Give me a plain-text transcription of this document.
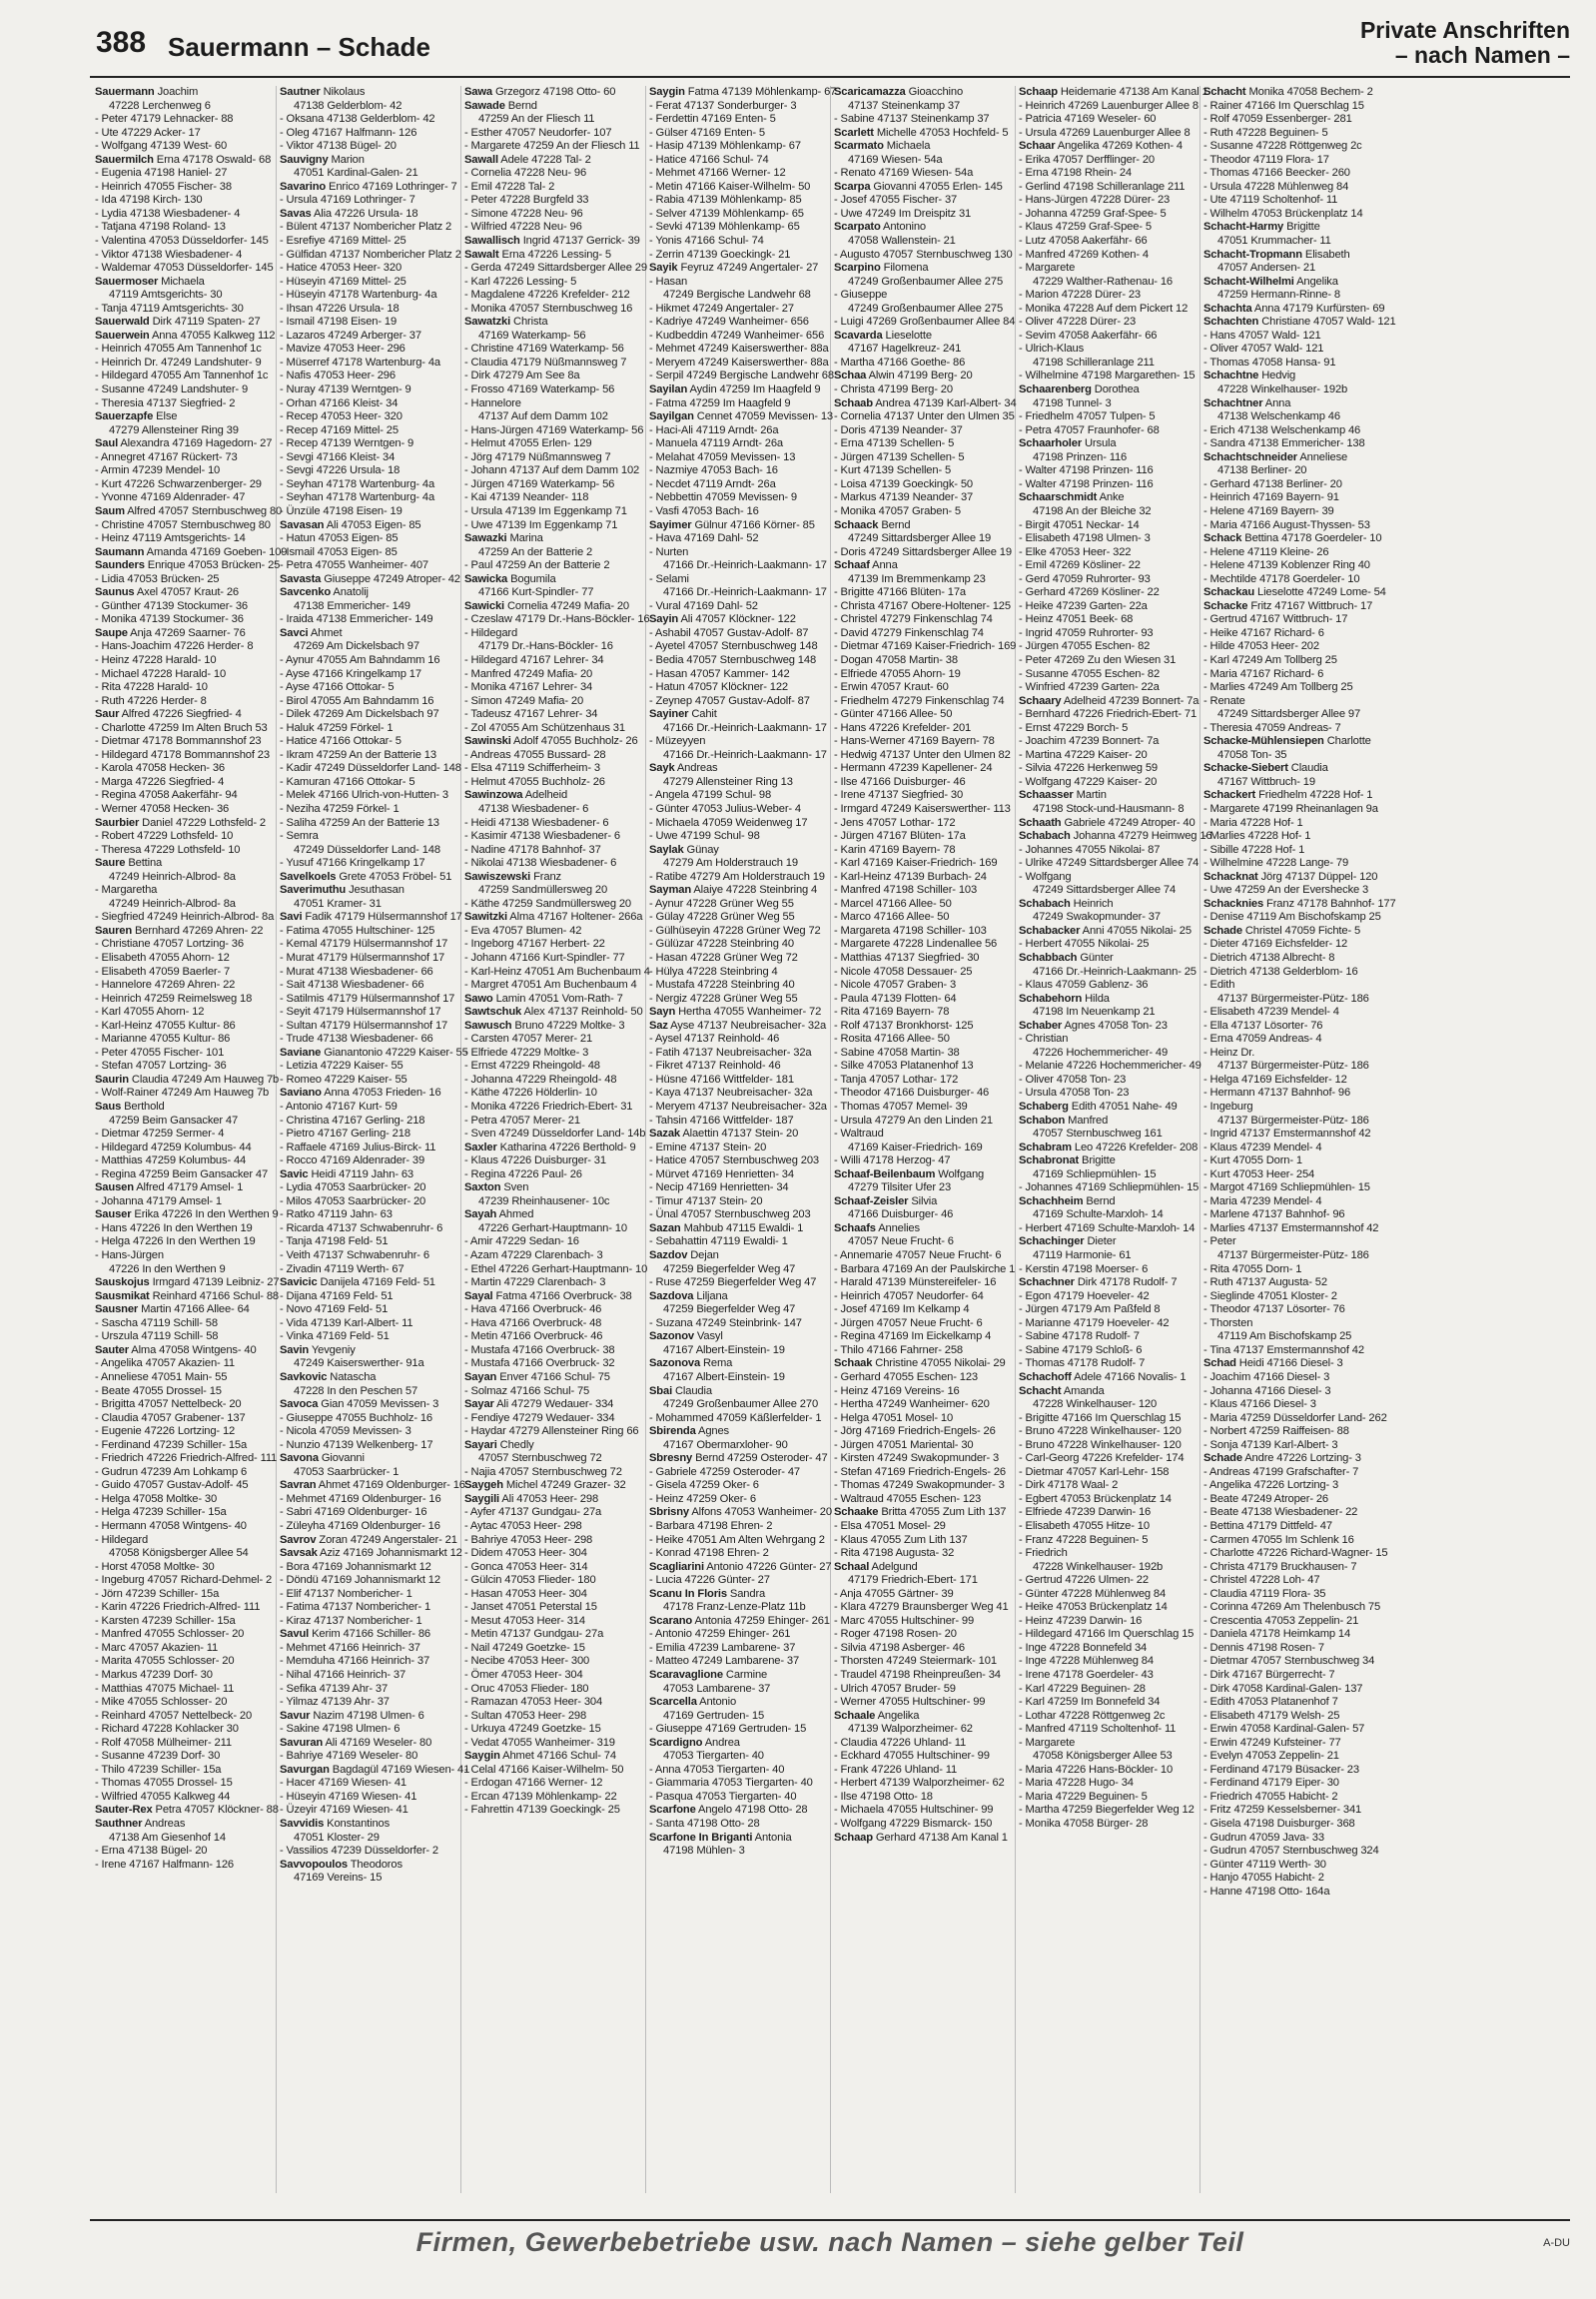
388 Sauermann – Schade
Private Anschriften
– nach Namen –
Sauermann Joachim
47228 Lerchenweg 6
- Peter 47179 Lehnacker- 88
- Ute 47229 Acker- 17
- Wolfgang 47139 West- 60
Sauermilch Erna 47178 Oswald- 68
- Eugenia 47198 Haniel- 27
- Heinrich 47055 Fischer- 38
- Ida 47198 Kirch- 130
- Lydia 47138 Wiesbadener- 4
- Tatjana 47198 Roland- 13
- Valentina 47053 Düsseldorfer- 145
- Viktor 47138 Wiesbadener- 4
- Waldemar 47053 Düsseldorfer- 145
Sauermoser Michaela
47119 Amtsgerichts- 30
- Tanja 47119 Amtsgerichts- 30
Sauerwald Dirk 47119 Spaten- 27
Sauerwein Anna 47055 Kalkweg 112
- Heinrich 47055 Am Tannenhof 1c
- Heinrich Dr. 47249 Landshuter- 9
- Hildegard 47055 Am Tannenhof 1c
- Susanne 47249 Landshuter- 9
- Theresia 47137 Siegfried- 2
Sauerzapfe Else
47279 Allensteiner Ring 39
Saul Alexandra 47169 Hagedorn- 27
- Annegret 47167 Rückert- 73
- Armin 47239 Mendel- 10
- Kurt 47226 Schwarzenberger- 29
- Yvonne 47169 Aldenrader- 47
Saum Alfred 47057 Sternbuschweg 80
- Christine 47057 Sternbuschweg 80
- Heinz 47119 Amtsgerichts- 14
Saumann Amanda 47169 Goeben- 109
Saunders Enrique 47053 Brücken- 25
- Lidia 47053 Brücken- 25
Saunus Axel 47057 Kraut- 26
- Günther 47139 Stockumer- 36
- Monika 47139 Stockumer- 36
Saupe Anja 47269 Saarner- 76
- Hans-Joachim 47226 Herder- 8
- Heinz 47228 Harald- 10
- Michael 47228 Harald- 10
- Rita 47228 Harald- 10
- Ruth 47226 Herder- 8
Saur Alfred 47226 Siegfried- 4
- Charlotte 47259 Im Alten Bruch 53
- Dietmar 47178 Bommannshof 23
- Hildegard 47178 Bommannshof 23
- Karola 47058 Hecken- 36
- Marga 47226 Siegfried- 4
- Regina 47058 Aakerfähr- 94
- Werner 47058 Hecken- 36
Saurbier Daniel 47229 Lothsfeld- 2
- Robert 47229 Lothsfeld- 10
- Theresa 47229 Lothsfeld- 10
Saure Bettina
47249 Heinrich-Albrod- 8a
- Margaretha
47249 Heinrich-Albrod- 8a
- Siegfried 47249 Heinrich-Albrod- 8a
Sauren Bernhard 47269 Ahren- 22
- Christiane 47057 Lortzing- 36
- Elisabeth 47055 Ahorn- 12
- Elisabeth 47059 Baerler- 7
- Hannelore 47269 Ahren- 22
- Heinrich 47259 Reimelsweg 18
- Karl 47055 Ahorn- 12
- Karl-Heinz 47055 Kultur- 86
- Marianne 47055 Kultur- 86
- Peter 47055 Fischer- 101
- Stefan 47057 Lortzing- 36
Saurin Claudia 47249 Am Hauweg 7b
- Wolf-Rainer 47249 Am Hauweg 7b
Saus Berthold
47259 Beim Gansacker 47
- Dietmar 47259 Sermer- 4
- Hildegard 47259 Kolumbus- 44
- Matthias 47259 Kolumbus- 44
- Regina 47259 Beim Gansacker 47
Sausen Alfred 47179 Amsel- 1
- Johanna 47179 Amsel- 1
Sauser Erika 47226 In den Werthen 9
- Hans 47226 In den Werthen 19
- Helga 47226 In den Werthen 19
- Hans-Jürgen
47226 In den Werthen 9
Sauskojus Irmgard 47139 Leibniz- 27
Sausmikat Reinhard 47166 Schul- 88
Sausner Martin 47166 Allee- 64
- Sascha 47119 Schill- 58
- Urszula 47119 Schill- 58
Sauter Alma 47058 Wintgens- 40
- Angelika 47057 Akazien- 11
- Anneliese 47051 Main- 55
- Beate 47055 Drossel- 15
- Brigitta 47057 Nettelbeck- 20
- Claudia 47057 Grabener- 137
- Eugenie 47226 Lortzing- 12
- Ferdinand 47239 Schiller- 15a
- Friedrich 47226 Friedrich-Alfred- 111
- Gudrun 47239 Am Lohkamp 6
- Guido 47057 Gustav-Adolf- 45
- Helga 47058 Moltke- 30
- Helga 47239 Schiller- 15a
- Hermann 47058 Wintgens- 40
- Hildegard
47058 Königsberger Allee 54
- Horst 47058 Moltke- 30
- Ingeburg 47057 Richard-Dehmel- 2
- Jörn 47239 Schiller- 15a
- Karin 47226 Friedrich-Alfred- 111
- Karsten 47239 Schiller- 15a
- Manfred 47055 Schlosser- 20
- Marc 47057 Akazien- 11
- Marita 47055 Schlosser- 20
- Markus 47239 Dorf- 30
- Matthias 47075 Michael- 11
- Mike 47055 Schlosser- 20
- Reinhard 47057 Nettelbeck- 20
- Richard 47228 Kohlacker 30
- Rolf 47058 Mülheimer- 211
- Susanne 47239 Dorf- 30
- Thilo 47239 Schiller- 15a
- Thomas 47055 Drossel- 15
- Wilfried 47055 Kalkweg 44
Sauter-Rex Petra 47057 Klöckner- 88
Sauthner Andreas
47138 Am Giesenhof 14
- Erna 47138 Bügel- 20
- Irene 47167 Halfmann- 126
Sautner Nikolaus
47138 Gelderblom- 42
- Oksana 47138 Gelderblom- 42
- Oleg 47167 Halfmann- 126
- Viktor 47138 Bügel- 20
Sauvigny Marion
47051 Kardinal-Galen- 21
Savarino Enrico 47169 Lothringer- 7
- Ursula 47169 Lothringer- 7
Savas Alia 47226 Ursula- 18
- Bülent 47137 Nombericher Platz 2
- Esrefiye 47169 Mittel- 25
- Gülfidan 47137 Nombericher Platz 2
- Hatice 47053 Heer- 320
- Hüseyin 47169 Mittel- 25
- Hüseyin 47178 Wartenburg- 4a
- Ihsan 47226 Ursula- 18
- Ismail 47198 Eisen- 19
- Lazaros 47249 Arberger- 37
- Mavize 47053 Heer- 296
- Müserref 47178 Wartenburg- 4a
- Nafis 47053 Heer- 296
- Nuray 47139 Werntgen- 9
- Orhan 47166 Kleist- 34
- Recep 47053 Heer- 320
- Recep 47169 Mittel- 25
- Recep 47139 Werntgen- 9
- Sevgi 47166 Kleist- 34
- Sevgi 47226 Ursula- 18
- Seyhan 47178 Wartenburg- 4a
- Seyhan 47178 Wartenburg- 4a
- Ünzüle 47198 Eisen- 19
Savasan Ali 47053 Eigen- 85
- Hatun 47053 Eigen- 85
- Ismail 47053 Eigen- 85
- Petra 47055 Wanheimer- 407
Savasta Giuseppe 47249 Atroper- 42
Savcenko Anatolij
47138 Emmericher- 149
- Iraida 47138 Emmericher- 149
Savci Ahmet
47269 Am Dickelsbach 97
- Aynur 47055 Am Bahndamm 16
- Ayse 47166 Kringelkamp 17
- Ayse 47166 Ottokar- 5
- Birol 47055 Am Bahndamm 16
- Dilek 47269 Am Dickelsbach 97
- Haluk 47259 Förkel- 1
- Hatice 47166 Ottokar- 5
- Ikram 47259 An der Batterie 13
- Kadir 47249 Düsseldorfer Land- 148
- Kamuran 47166 Ottokar- 5
- Melek 47166 Ulrich-von-Hutten- 3
- Neziha 47259 Förkel- 1
- Saliha 47259 An der Batterie 13
- Semra
47249 Düsseldorfer Land- 148
- Yusuf 47166 Kringelkamp 17
Savelkoels Grete 47053 Fröbel- 51
Saverimuthu Jesuthasan
47051 Kramer- 31
Savi Fadik 47179 Hülsermannshof 17
- Fatima 47055 Hultschiner- 125
- Kemal 47179 Hülsermannshof 17
- Murat 47179 Hülsermannshof 17
- Murat 47138 Wiesbadener- 66
- Sait 47138 Wiesbadener- 66
- Satilmis 47179 Hülsermannshof 17
- Seyit 47179 Hülsermannshof 17
- Sultan 47179 Hülsermannshof 17
- Trude 47138 Wiesbadener- 66
Saviane Gianantonio 47229 Kaiser- 55
- Letizia 47229 Kaiser- 55
- Romeo 47229 Kaiser- 55
Saviano Anna 47053 Frieden- 16
- Antonio 47167 Kurt- 59
- Christina 47167 Gerling- 218
- Pietro 47167 Gerling- 218
- Raffaele 47169 Julius-Birck- 11
- Rocco 47169 Aldenrader- 39
Savic Heidi 47119 Jahn- 63
- Lydia 47053 Saarbrücker- 20
- Milos 47053 Saarbrücker- 20
- Ratko 47119 Jahn- 63
- Ricarda 47137 Schwabenruhr- 6
- Tanja 47198 Feld- 51
- Veith 47137 Schwabenruhr- 6
- Zivadin 47119 Werth- 67
Savicic Danijela 47169 Feld- 51
- Dijana 47169 Feld- 51
- Novo 47169 Feld- 51
- Vida 47139 Karl-Albert- 11
- Vinka 47169 Feld- 51
Savin Yevgeniy
47249 Kaiserswerther- 91a
Savkovic Natascha
47228 In den Peschen 57
Savoca Gian 47059 Mevissen- 3
- Giuseppe 47055 Buchholz- 16
- Nicola 47059 Mevissen- 3
- Nunzio 47139 Welkenberg- 17
Savona Giovanni
47053 Saarbrücker- 1
Savran Ahmet 47169 Oldenburger- 16
- Mehmet 47169 Oldenburger- 16
- Sabri 47169 Oldenburger- 16
- Züleyha 47169 Oldenburger- 16
Savrov Zoran 47249 Angerstaler- 21
Savsak Aziz 47169 Johannismarkt 12
- Bora 47169 Johannismarkt 12
- Döndü 47169 Johannismarkt 12
- Elif 47137 Nombericher- 1
- Fatima 47137 Nombericher- 1
- Kiraz 47137 Nombericher- 1
Savul Kerim 47166 Schiller- 86
- Mehmet 47166 Heinrich- 37
- Memduha 47166 Heinrich- 37
- Nihal 47166 Heinrich- 37
- Sefika 47139 Ahr- 37
- Yilmaz 47139 Ahr- 37
Savur Nazim 47198 Ulmen- 6
- Sakine 47198 Ulmen- 6
Savuran Ali 47169 Weseler- 80
- Bahriye 47169 Weseler- 80
Savurgan Bagdagül 47169 Wiesen- 41
- Hacer 47169 Wiesen- 41
- Hüseyin 47169 Wiesen- 41
- Üzeyir 47169 Wiesen- 41
Savvidis Konstantinos
47051 Kloster- 29
- Vassilios 47239 Düsseldorfer- 2
Savvopoulos Theodoros
47169 Vereins- 15
Sawa Grzegorz 47198 Otto- 60
Sawade Bernd
47259 An der Fliesch 11
- Esther 47057 Neudorfer- 107
- Margarete 47259 An der Fliesch 11
Sawall Adele 47228 Tal- 2
- Cornelia 47228 Neu- 96
- Emil 47228 Tal- 2
- Peter 47228 Burgfeld 33
- Simone 47228 Neu- 96
- Wilfried 47228 Neu- 96
Sawallisch Ingrid 47137 Gerrick- 39
Sawalt Erna 47226 Lessing- 5
- Gerda 47249 Sittardsberger Allee 29
- Karl 47226 Lessing- 5
- Magdalene 47226 Krefelder- 212
- Monika 47057 Sternbuschweg 16
Sawatzki Christa
47169 Waterkamp- 56
- Christine 47169 Waterkamp- 56
- Claudia 47179 Nüßmannsweg 7
- Dirk 47279 Am See 8a
- Frosso 47169 Waterkamp- 56
- Hannelore
47137 Auf dem Damm 102
- Hans-Jürgen 47169 Waterkamp- 56
- Helmut 47055 Erlen- 129
- Jörg 47179 Nüßmannsweg 7
- Johann 47137 Auf dem Damm 102
- Jürgen 47169 Waterkamp- 56
- Kai 47139 Neander- 118
- Ursula 47139 Im Eggenkamp 71
- Uwe 47139 Im Eggenkamp 71
Sawazki Marina
47259 An der Batterie 2
- Paul 47259 An der Batterie 2
Sawicka Bogumila
47166 Kurt-Spindler- 77
Sawicki Cornelia 47249 Mafia- 20
- Czeslaw 47179 Dr.-Hans-Böckler- 16
- Hildegard
47179 Dr.-Hans-Böckler- 16
- Hildegard 47167 Lehrer- 34
- Manfred 47249 Mafia- 20
- Monika 47167 Lehrer- 34
- Simon 47249 Mafia- 20
- Tadeusz 47167 Lehrer- 34
- Zol 47055 Am Schützenhaus 31
Sawinski Adolf 47055 Buchholz- 26
- Andreas 47055 Bussard- 28
- Elsa 47119 Schifferheim- 3
- Helmut 47055 Buchholz- 26
Sawinzowa Adelheid
47138 Wiesbadener- 6
- Heidi 47138 Wiesbadener- 6
- Kasimir 47138 Wiesbadener- 6
- Nadine 47178 Bahnhof- 37
- Nikolai 47138 Wiesbadener- 6
Sawiszewski Franz
47259 Sandmüllersweg 20
- Käthe 47259 Sandmüllersweg 20
Sawitzki Alma 47167 Holtener- 266a
- Eva 47057 Blumen- 42
- Ingeborg 47167 Herbert- 22
- Johann 47166 Kurt-Spindler- 77
- Karl-Heinz 47051 Am Buchenbaum 4
- Margret 47051 Am Buchenbaum 4
Sawo Lamin 47051 Vom-Rath- 7
Sawtschuk Alex 47137 Reinhold- 50
Sawusch Bruno 47229 Moltke- 3
- Carsten 47057 Merer- 21
- Elfriede 47229 Moltke- 3
- Ernst 47229 Rheingold- 48
- Johanna 47229 Rheingold- 48
- Käthe 47226 Hölderlin- 10
- Monika 47226 Friedrich-Ebert- 31
- Petra 47057 Merer- 21
- Sven 47249 Düsseldorfer Land- 14b
Saxler Katharina 47226 Berthold- 9
- Klaus 47226 Duisburger- 31
- Regina 47226 Paul- 26
Saxton Sven
47239 Rheinhausener- 10c
Sayah Ahmed
47226 Gerhart-Hauptmann- 10
- Amir 47229 Sedan- 16
- Azam 47229 Clarenbach- 3
- Ethel 47226 Gerhart-Hauptmann- 10
- Martin 47229 Clarenbach- 3
Sayal Fatma 47166 Overbruck- 38
- Hava 47166 Overbruck- 46
- Hava 47166 Overbruck- 48
- Metin 47166 Overbruck- 46
- Mustafa 47166 Overbruck- 38
- Mustafa 47166 Overbruck- 32
Sayan Enver 47166 Schul- 75
- Solmaz 47166 Schul- 75
Sayar Ali 47279 Wedauer- 334
- Fendiye 47279 Wedauer- 334
- Haydar 47279 Allensteiner Ring 66
Sayari Chedly
47057 Sternbuschweg 72
- Najia 47057 Sternbuschweg 72
Saygeh Michel 47249 Grazer- 32
Saygili Ali 47053 Heer- 298
- Ayfer 47137 Gundgau- 27a
- Aytac 47053 Heer- 298
- Bahriye 47053 Heer- 298
- Didem 47053 Heer- 304
- Gonca 47053 Heer- 314
- Gülcin 47053 Flieder- 180
- Hasan 47053 Heer- 304
- Janset 47051 Peterstal 15
- Mesut 47053 Heer- 314
- Metin 47137 Gundgau- 27a
- Nail 47249 Goetzke- 15
- Necibe 47053 Heer- 300
- Ömer 47053 Heer- 304
- Oruc 47053 Flieder- 180
- Ramazan 47053 Heer- 304
- Sultan 47053 Heer- 298
- Urkuya 47249 Goetzke- 15
- Vedat 47055 Wanheimer- 319
Saygin Ahmet 47166 Schul- 74
- Celal 47166 Kaiser-Wilhelm- 50
- Erdogan 47166 Werner- 12
- Ercan 47139 Möhlenkamp- 22
- Fahrettin 47139 Goeckingk- 25
Saygin Fatma 47139 Möhlenkamp- 67
- Ferat 47137 Sonderburger- 3
- Ferdettin 47169 Enten- 5
- Gülser 47169 Enten- 5
- Hasip 47139 Möhlenkamp- 67
- Hatice 47166 Schul- 74
- Mehmet 47166 Werner- 12
- Metin 47166 Kaiser-Wilhelm- 50
- Rabia 47139 Möhlenkamp- 85
- Selver 47139 Möhlenkamp- 65
- Sevki 47139 Möhlenkamp- 65
- Yonis 47166 Schul- 74
- Zerrin 47139 Goeckingk- 21
Sayik Feyruz 47249 Angertaler- 27
- Hasan
47249 Bergische Landwehr 68
- Hikmet 47249 Angertaler- 27
- Kadriye 47249 Wanheimer- 656
- Kudbeddin 47249 Wanheimer- 656
- Mehmet 47249 Kaiserswerther- 88a
- Meryem 47249 Kaiserswerther- 88a
- Serpil 47249 Bergische Landwehr 68
Sayilan Aydin 47259 Im Haagfeld 9
- Fatma 47259 Im Haagfeld 9
Sayilgan Cennet 47059 Mevissen- 13
- Haci-Ali 47119 Arndt- 26a
- Manuela 47119 Arndt- 26a
- Melahat 47059 Mevissen- 13
- Nazmiye 47053 Bach- 16
- Necdet 47119 Arndt- 26a
- Nebbettin 47059 Mevissen- 9
- Vasfi 47053 Bach- 16
Sayimer Gülnur 47166 Körner- 85
- Hava 47169 Dahl- 52
- Nurten
47166 Dr.-Heinrich-Laakmann- 17
- Selami
47166 Dr.-Heinrich-Laakmann- 17
- Vural 47169 Dahl- 52
Sayin Ali 47057 Klöckner- 122
- Ashabil 47057 Gustav-Adolf- 87
- Ayetel 47057 Sternbuschweg 148
- Bedia 47057 Sternbuschweg 148
- Hasan 47057 Kammer- 142
- Hatun 47057 Klöckner- 122
- Zeynep 47057 Gustav-Adolf- 87
Sayiner Cahit
47166 Dr.-Heinrich-Laakmann- 17
- Müzeyyen
47166 Dr.-Heinrich-Laakmann- 17
Sayk Andreas
47279 Allensteiner Ring 13
- Angela 47199 Schul- 98
- Günter 47053 Julius-Weber- 4
- Michaela 47059 Weidenweg 17
- Uwe 47199 Schul- 98
Saylak Günay
47279 Am Holderstrauch 19
- Ratibe 47279 Am Holderstrauch 19
Sayman Alaiye 47228 Steinbring 4
- Aynur 47228 Grüner Weg 55
- Gülay 47228 Grüner Weg 55
- Gülhüseyin 47228 Grüner Weg 72
- Gülüzar 47228 Steinbring 40
- Hasan 47228 Grüner Weg 72
- Hülya 47228 Steinbring 4
- Mustafa 47228 Steinbring 40
- Nergiz 47228 Grüner Weg 55
Sayn Hertha 47055 Wanheimer- 72
Saz Ayse 47137 Neubreisacher- 32a
- Aysel 47137 Reinhold- 46
- Fatih 47137 Neubreisacher- 32a
- Fikret 47137 Reinhold- 46
- Hüsne 47166 Wittfelder- 181
- Kaya 47137 Neubreisacher- 32a
- Meryem 47137 Neubreisacher- 32a
- Tahsin 47166 Wittfelder- 187
Sazak Alaettin 47137 Stein- 20
- Emine 47137 Stein- 20
- Hatice 47057 Sternbuschweg 203
- Mürvet 47169 Henrietten- 34
- Necip 47169 Henrietten- 34
- Timur 47137 Stein- 20
- Ünal 47057 Sternbuschweg 203
Sazan Mahbub 47115 Ewaldi- 1
- Sebahattin 47119 Ewaldi- 1
Sazdov Dejan
47259 Biegerfelder Weg 47
- Ruse 47259 Biegerfelder Weg 47
Sazdova Liljana
47259 Biegerfelder Weg 47
- Suzana 47249 Steinbrink- 147
Sazonov Vasyl
47167 Albert-Einstein- 19
Sazonova Rema
47167 Albert-Einstein- 19
Sbai Claudia
47249 Großenbaumer Allee 270
- Mohammed 47059 Käßlerfelder- 1
Sbirenda Agnes
47167 Obermarxloher- 90
Sbresny Bernd 47259 Osteroder- 47
- Gabriele 47259 Osteroder- 47
- Gisela 47259 Oker- 6
- Heinz 47259 Oker- 6
Sbrisny Alfons 47053 Wanheimer- 20
- Barbara 47198 Ehren- 2
- Heike 47051 Am Alten Wehrgang 2
- Konrad 47198 Ehren- 2
Scagliarini Antonio 47226 Günter- 27
- Lucia 47226 Günter- 27
Scanu In Floris Sandra
47178 Franz-Lenze-Platz 11b
Scarano Antonia 47259 Ehinger- 261
- Antonio 47259 Ehinger- 261
- Emilia 47239 Lambarene- 37
- Matteo 47249 Lambarene- 37
Scaravaglione Carmine
47053 Lambarene- 37
Scarcella Antonio
47169 Gertruden- 15
- Giuseppe 47169 Gertruden- 15
Scardigno Andrea
47053 Tiergarten- 40
- Anna 47053 Tiergarten- 40
- Giammaria 47053 Tiergarten- 40
- Pasqua 47053 Tiergarten- 40
Scarfone Angelo 47198 Otto- 28
- Santa 47198 Otto- 28
Scarfone In Briganti Antonia
47198 Mühlen- 3
Scaricamazza Gioacchino
47137 Steinenkamp 37
- Sabine 47137 Steinenkamp 37
Scarlett Michelle 47053 Hochfeld- 5
Scarmato Michaela
47169 Wiesen- 54a
- Renato 47169 Wiesen- 54a
Scarpa Giovanni 47055 Erlen- 145
- Josef 47055 Fischer- 37
- Uwe 47249 Im Dreispitz 31
Scarpato Antonino
47058 Wallenstein- 21
- Augusto 47057 Sternbuschweg 130
Scarpino Filomena
47249 Großenbaumer Allee 275
- Giuseppe
47249 Großenbaumer Allee 275
- Luigi 47269 Großenbaumer Allee 84
Scavarda Lieselotte
47167 Hagelkreuz- 241
- Martha 47166 Goethe- 86
Schaa Alwin 47199 Berg- 20
- Christa 47199 Berg- 20
Schaab Andrea 47139 Karl-Albert- 34
- Cornelia 47137 Unter den Ulmen 35
- Doris 47139 Neander- 37
- Erna 47139 Schellen- 5
- Jürgen 47139 Schellen- 5
- Kurt 47139 Schellen- 5
- Loisa 47139 Goeckingk- 50
- Markus 47139 Neander- 37
- Monika 47057 Graben- 5
Schaack Bernd
47249 Sittardsberger Allee 19
- Doris 47249 Sittardsberger Allee 19
Schaaf Anna
47139 Im Bremmenkamp 23
- Brigitte 47166 Blüten- 17a
- Christa 47167 Obere-Holtener- 125
- Christel 47279 Finkenschlag 74
- David 47279 Finkenschlag 74
- Dietmar 47169 Kaiser-Friedrich- 169
- Dogan 47058 Martin- 38
- Elfriede 47055 Ahorn- 19
- Erwin 47057 Kraut- 60
- Friedhelm 47279 Finkenschlag 74
- Günter 47166 Allee- 50
- Hans 47226 Krefelder- 201
- Hans-Werner 47169 Bayern- 78
- Hedwig 47137 Unter den Ulmen 82
- Hermann 47239 Kapellener- 24
- Ilse 47166 Duisburger- 46
- Irene 47137 Siegfried- 30
- Irmgard 47249 Kaiserswerther- 113
- Jens 47057 Lothar- 172
- Jürgen 47167 Blüten- 17a
- Karin 47169 Bayern- 78
- Karl 47169 Kaiser-Friedrich- 169
- Karl-Heinz 47139 Burbach- 24
- Manfred 47198 Schiller- 103
- Marcel 47166 Allee- 50
- Marco 47166 Allee- 50
- Margareta 47198 Schiller- 103
- Margarete 47228 Lindenallee 56
- Matthias 47137 Siegfried- 30
- Nicole 47058 Dessauer- 25
- Nicole 47057 Graben- 3
- Paula 47139 Flotten- 64
- Rita 47169 Bayern- 78
- Rolf 47137 Bronkhorst- 125
- Rosita 47166 Allee- 50
- Sabine 47058 Martin- 38
- Silke 47053 Platanenhof 13
- Tanja 47057 Lothar- 172
- Theodor 47166 Duisburger- 46
- Thomas 47057 Memel- 39
- Ursula 47279 An den Linden 21
- Waltraud
47169 Kaiser-Friedrich- 169
- Willi 47178 Herzog- 47
Schaaf-Beilenbaum Wolfgang
47279 Tilsiter Ufer 23
Schaaf-Zeisler Silvia
47166 Duisburger- 46
Schaafs Annelies
47057 Neue Frucht- 6
- Annemarie 47057 Neue Frucht- 6
- Barbara 47169 An der Paulskirche 1
- Harald 47139 Münstereifeler- 16
- Heinrich 47057 Neudorfer- 64
- Josef 47169 Im Kelkamp 4
- Jürgen 47057 Neue Frucht- 6
- Regina 47169 Im Eickelkamp 4
- Thilo 47166 Fahrner- 258
Schaak Christine 47055 Nikolai- 29
- Gerhard 47055 Eschen- 123
- Heinz 47169 Vereins- 16
- Hertha 47249 Wanheimer- 620
- Helga 47051 Mosel- 10
- Jörg 47169 Friedrich-Engels- 26
- Jürgen 47051 Mariental- 30
- Kirsten 47249 Swakopmunder- 3
- Stefan 47169 Friedrich-Engels- 26
- Thomas 47249 Swakopmunder- 3
- Waltraud 47055 Eschen- 123
Schaake Britta 47055 Zum Lith 137
- Elsa 47051 Mosel- 29
- Klaus 47055 Zum Lith 137
- Rita 47198 Augusta- 32
Schaal Adelgund
47179 Friedrich-Ebert- 171
- Anja 47055 Gärtner- 39
- Klara 47279 Braunsberger Weg 41
- Marc 47055 Hultschiner- 99
- Roger 47198 Rosen- 20
- Silvia 47198 Asberger- 46
- Thorsten 47249 Steiermark- 101
- Traudel 47198 Rheinpreußen- 34
- Ulrich 47057 Bruder- 59
- Werner 47055 Hultschiner- 99
Schaale Angelika
47139 Walporzheimer- 62
- Claudia 47226 Uhland- 11
- Eckhard 47055 Hultschiner- 99
- Frank 47226 Uhland- 11
- Herbert 47139 Walporzheimer- 62
- Ilse 47198 Otto- 18
- Michaela 47055 Hultschiner- 99
- Wolfgang 47229 Bismarck- 150
Schaap Gerhard 47138 Am Kanal 1
Schaap Heidemarie 47138 Am Kanal 1
- Heinrich 47269 Lauenburger Allee 8
- Patricia 47169 Weseler- 60
- Ursula 47269 Lauenburger Allee 8
Schaar Angelika 47269 Kothen- 4
- Erika 47057 Derfflinger- 20
- Erna 47198 Rhein- 24
- Gerlind 47198 Schilleranlage 211
- Hans-Jürgen 47228 Dürer- 23
- Johanna 47259 Graf-Spee- 5
- Klaus 47259 Graf-Spee- 5
- Lutz 47058 Aakerfähr- 66
- Manfred 47269 Kothen- 4
- Margarete
47229 Walther-Rathenau- 16
- Marion 47228 Dürer- 23
- Monika 47228 Auf dem Pickert 12
- Oliver 47228 Dürer- 23
- Sevim 47058 Aakerfähr- 66
- Ulrich-Klaus
47198 Schilleranlage 211
- Wilhelmine 47198 Margarethen- 15
Schaarenberg Dorothea
47198 Tunnel- 3
- Friedhelm 47057 Tulpen- 5
- Petra 47057 Fraunhofer- 68
Schaarholer Ursula
47198 Prinzen- 116
- Walter 47198 Prinzen- 116
- Walter 47198 Prinzen- 116
Schaarschmidt Anke
47198 An der Bleiche 32
- Birgit 47051 Neckar- 14
- Elisabeth 47198 Ulmen- 3
- Elke 47053 Heer- 322
- Emil 47269 Kösliner- 22
- Gerd 47059 Ruhrorter- 93
- Gerhard 47269 Kösliner- 22
- Heike 47239 Garten- 22a
- Heinz 47051 Beek- 68
- Ingrid 47059 Ruhrorter- 93
- Jürgen 47055 Eschen- 82
- Peter 47269 Zu den Wiesen 31
- Susanne 47055 Eschen- 82
- Winfried 47239 Garten- 22a
Schaary Adelheid 47239 Bonnert- 7a
- Bernhard 47226 Friedrich-Ebert- 71
- Ernst 47229 Borch- 5
- Joachim 47239 Bonnert- 7a
- Martina 47229 Kaiser- 20
- Silvia 47226 Herkenweg 59
- Wolfgang 47229 Kaiser- 20
Schaasser Martin
47198 Stock-und-Hausmann- 8
Schaath Gabriele 47249 Atroper- 40
Schabach Johanna 47279 Heimweg 16
- Johannes 47055 Nikolai- 87
- Ulrike 47249 Sittardsberger Allee 74
- Wolfgang
47249 Sittardsberger Allee 74
Schabach Heinrich
47249 Swakopmunder- 37
Schabacker Anni 47055 Nikolai- 25
- Herbert 47055 Nikolai- 25
Schabbach Günter
47166 Dr.-Heinrich-Laakmann- 25
- Klaus 47059 Gablenz- 36
Schabehorn Hilda
47198 Im Neuenkamp 21
Schaber Agnes 47058 Ton- 23
- Christian
47226 Hochemmericher- 49
- Melanie 47226 Hochemmericher- 49
- Oliver 47058 Ton- 23
- Ursula 47058 Ton- 23
Schaberg Edith 47051 Nahe- 49
Schabon Manfred
47057 Sternbuschweg 161
Schabram Leo 47226 Krefelder- 208
Schabronat Brigitte
47169 Schliepmühlen- 15
- Johannes 47169 Schliepmühlen- 15
Schachheim Bernd
47169 Schulte-Marxloh- 14
- Herbert 47169 Schulte-Marxloh- 14
Schachinger Dieter
47119 Harmonie- 61
- Kerstin 47198 Moerser- 6
Schachner Dirk 47178 Rudolf- 7
- Egon 47179 Hoeveler- 42
- Jürgen 47179 Am Paßfeld 8
- Marianne 47179 Hoeveler- 42
- Sabine 47178 Rudolf- 7
- Sabine 47179 Schloß- 6
- Thomas 47178 Rudolf- 7
Schachoff Adele 47166 Novalis- 1
Schacht Amanda
47228 Winkelhauser- 120
- Brigitte 47166 Im Querschlag 15
- Bruno 47228 Winkelhauser- 120
- Bruno 47228 Winkelhauser- 120
- Carl-Georg 47226 Krefelder- 174
- Dietmar 47057 Karl-Lehr- 158
- Dirk 47178 Waal- 2
- Egbert 47053 Brückenplatz 14
- Elfriede 47239 Darwin- 16
- Elisabeth 47055 Hitze- 10
- Franz 47228 Beguinen- 5
- Friedrich
47228 Winkelhauser- 192b
- Gertrud 47226 Ulmen- 22
- Günter 47228 Mühlenweg 84
- Heike 47053 Brückenplatz 14
- Heinz 47239 Darwin- 16
- Hildegard 47166 Im Querschlag 15
- Inge 47228 Bonnefeld 34
- Inge 47228 Mühlenweg 84
- Irene 47178 Goerdeler- 43
- Karl 47229 Beguinen- 28
- Karl 47259 Im Bonnefeld 34
- Lothar 47228 Röttgenweg 2c
- Manfred 47119 Scholtenhof- 11
- Margarete
47058 Königsberger Allee 53
- Maria 47226 Hans-Böckler- 10
- Maria 47228 Hugo- 34
- Maria 47229 Beguinen- 5
- Martha 47259 Biegerfelder Weg 12
- Monika 47058 Bürger- 28
Schacht Monika 47058 Bechem- 2
- Rainer 47166 Im Querschlag 15
- Rolf 47059 Essenberger- 281
- Ruth 47228 Beguinen- 5
- Susanne 47228 Röttgenweg 2c
- Theodor 47119 Flora- 17
- Thomas 47166 Beecker- 260
- Ursula 47228 Mühlenweg 84
- Ute 47119 Scholtenhof- 11
- Wilhelm 47053 Brückenplatz 14
Schacht-Harmy Brigitte
47051 Krummacher- 11
Schacht-Tropmann Elisabeth
47057 Andersen- 21
Schacht-Wilhelmi Angelika
47259 Hermann-Rinne- 8
Schachta Anna 47179 Kurfürsten- 69
Schachten Christiane 47057 Wald- 121
- Hans 47057 Wald- 121
- Oliver 47057 Wald- 121
- Thomas 47058 Hansa- 91
Schachtne Hedvig
47228 Winkelhauser- 192b
Schachtner Anna
47138 Welschenkamp 46
- Erich 47138 Welschenkamp 46
- Sandra 47138 Emmericher- 138
Schachtschneider Anneliese
47138 Berliner- 20
- Gerhard 47138 Berliner- 20
- Heinrich 47169 Bayern- 91
- Helene 47169 Bayern- 39
- Maria 47166 August-Thyssen- 53
Schack Bettina 47178 Goerdeler- 10
- Helene 47119 Kleine- 26
- Helene 47139 Koblenzer Ring 40
- Mechtilde 47178 Goerdeler- 10
Schackau Lieselotte 47249 Lome- 54
Schacke Fritz 47167 Wittbruch- 17
- Gertrud 47167 Wittbruch- 17
- Heike 47167 Richard- 6
- Hilde 47053 Heer- 202
- Karl 47249 Am Tollberg 25
- Maria 47167 Richard- 6
- Marlies 47249 Am Tollberg 25
- Renate
47249 Sittardsberger Allee 97
- Theresia 47059 Andreas- 7
Schacke-Mühlensiepen Charlotte
47058 Ton- 35
Schacke-Siebert Claudia
47167 Wittbruch- 19
Schackert Friedhelm 47228 Hof- 1
- Margarete 47199 Rheinanlagen 9a
- Maria 47228 Hof- 1
- Marlies 47228 Hof- 1
- Sibille 47228 Hof- 1
- Wilhelmine 47228 Lange- 79
Schacknat Jörg 47137 Düppel- 120
- Uwe 47259 An der Evershecke 3
Schacknies Franz 47178 Bahnhof- 177
- Denise 47119 Am Bischofskamp 25
Schade Christel 47059 Fichte- 5
- Dieter 47169 Eichsfelder- 12
- Dietrich 47138 Albrecht- 8
- Dietrich 47138 Gelderblom- 16
- Edith
47137 Bürgermeister-Pütz- 186
- Elisabeth 47239 Mendel- 4
- Ella 47137 Lösorter- 76
- Erna 47059 Andreas- 4
- Heinz Dr.
47137 Bürgermeister-Pütz- 186
- Helga 47169 Eichsfelder- 12
- Hermann 47137 Bahnhof- 96
- Ingeburg
47137 Bürgermeister-Pütz- 186
- Ingrid 47137 Emstermannshof 42
- Klaus 47239 Mendel- 4
- Kurt 47055 Dorn- 1
- Kurt 47053 Heer- 254
- Margot 47169 Schliepmühlen- 15
- Maria 47239 Mendel- 4
- Marlene 47137 Bahnhof- 96
- Marlies 47137 Emstermannshof 42
- Peter
47137 Bürgermeister-Pütz- 186
- Rita 47055 Dorn- 1
- Ruth 47137 Augusta- 52
- Sieglinde 47051 Kloster- 2
- Theodor 47137 Lösorter- 76
- Thorsten
47119 Am Bischofskamp 25
- Tina 47137 Emstermannshof 42
Schad Heidi 47166 Diesel- 3
- Joachim 47166 Diesel- 3
- Johanna 47166 Diesel- 3
- Klaus 47166 Diesel- 3
- Maria 47259 Düsseldorfer Land- 262
- Norbert 47259 Raiffeisen- 88
- Sonja 47139 Karl-Albert- 3
Schade Andre 47226 Lortzing- 3
- Andreas 47199 Grafschafter- 7
- Angelika 47226 Lortzing- 3
- Beate 47249 Atroper- 26
- Beate 47138 Wiesbadener- 22
- Bettina 47179 Dittfeld- 47
- Carmen 47055 Im Schlenk 16
- Charlotte 47226 Richard-Wagner- 15
- Christa 47179 Bruckhausen- 7
- Christel 47228 Loh- 47
- Claudia 47119 Flora- 35
- Corinna 47269 Am Thelenbusch 75
- Crescentia 47053 Zeppelin- 21
- Daniela 47178 Heimkamp 14
- Dennis 47198 Rosen- 7
- Dietmar 47057 Sternbuschweg 34
- Dirk 47167 Bürgerrecht- 7
- Dirk 47058 Kardinal-Galen- 137
- Edith 47053 Platanenhof 7
- Elisabeth 47179 Welsh- 25
- Erwin 47058 Kardinal-Galen- 57
- Erwin 47249 Kufsteiner- 77
- Evelyn 47053 Zeppelin- 21
- Ferdinand 47179 Büsacker- 23
- Ferdinand 47179 Eiper- 30
- Friedrich 47055 Habicht- 2
- Fritz 47259 Kesselsberner- 341
- Gisela 47198 Duisburger- 368
- Gudrun 47059 Java- 33
- Gudrun 47057 Sternbuschweg 324
- Günter 47119 Werth- 30
- Hanjo 47055 Habicht- 2
- Hanne 47198 Otto- 164a
Firmen, Gewerbebetriebe usw. nach Namen – siehe gelber Teil	A-DU
